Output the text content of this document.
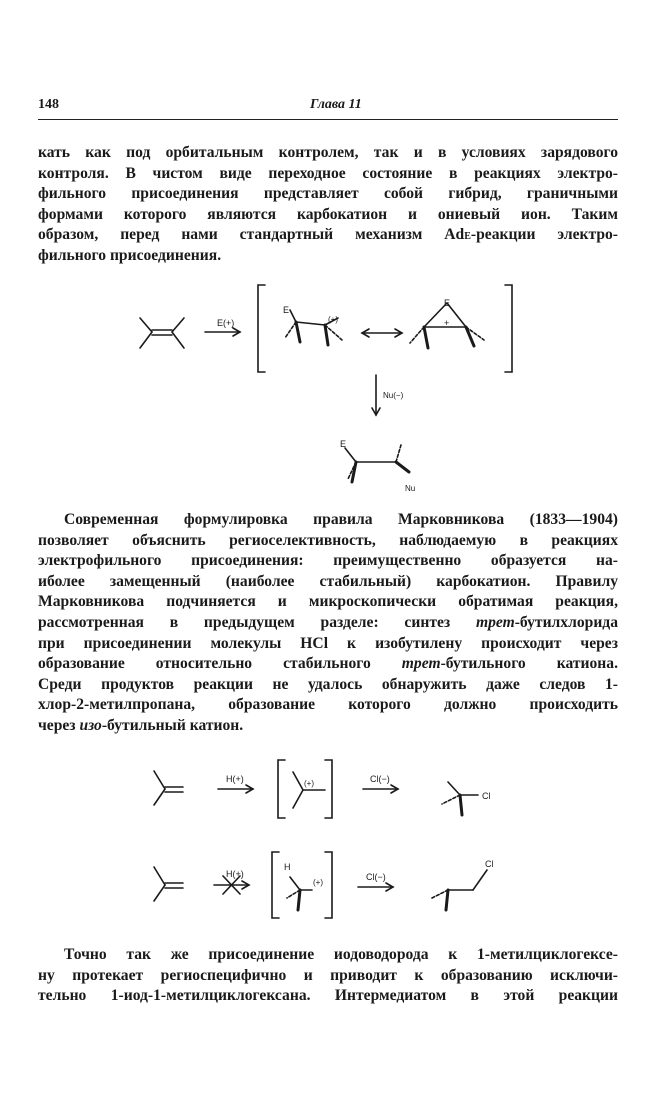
148	Глава 11

кать как под орбитальным контролем, так и в условиях зарядового
контроля. В чистом виде переходное состояние в реакциях электро-
фильного присоединения представляет собой гибрид, граничными
формами которого являются карбокатион и ониевый ион. Таким
образом, перед нами стандартный механизм AdE-реакции электро-
фильного присоединения.

E(+)
E
(+)
E
+
Nu(−)
E
Nu

Современная формулировка правила Марковникова (1833—1904)
позволяет объяснить региоселективность, наблюдаемую в реакциях
электрофильного присоединения: преимущественно образуется на-
иболее замещенный (наиболее стабильный) карбокатион. Правилу
Марковникова подчиняется и микроскопически обратимая реакция,
рассмотренная в предыдущем разделе: синтез трет-бутилхлорида
при присоединении молекулы HCl к изобутилену происходит через
образование относительно стабильного трет-бутильного катиона.
Среди продуктов реакции не удалось обнаружить даже следов 1-
хлор-2-метилпропана, образование которого должно происходить
через изо-бутильный катион.

H(+)	(+)	Cl(−)
Cl
H(+)
H
(+)
Cl(−)
Cl

Точно так же присоединение иодоводорода к 1-метилциклогексе-
ну протекает региоспецифично и приводит к образованию исключи-
тельно 1-иод-1-метилциклогексана. Интермедиатом в этой реакции
